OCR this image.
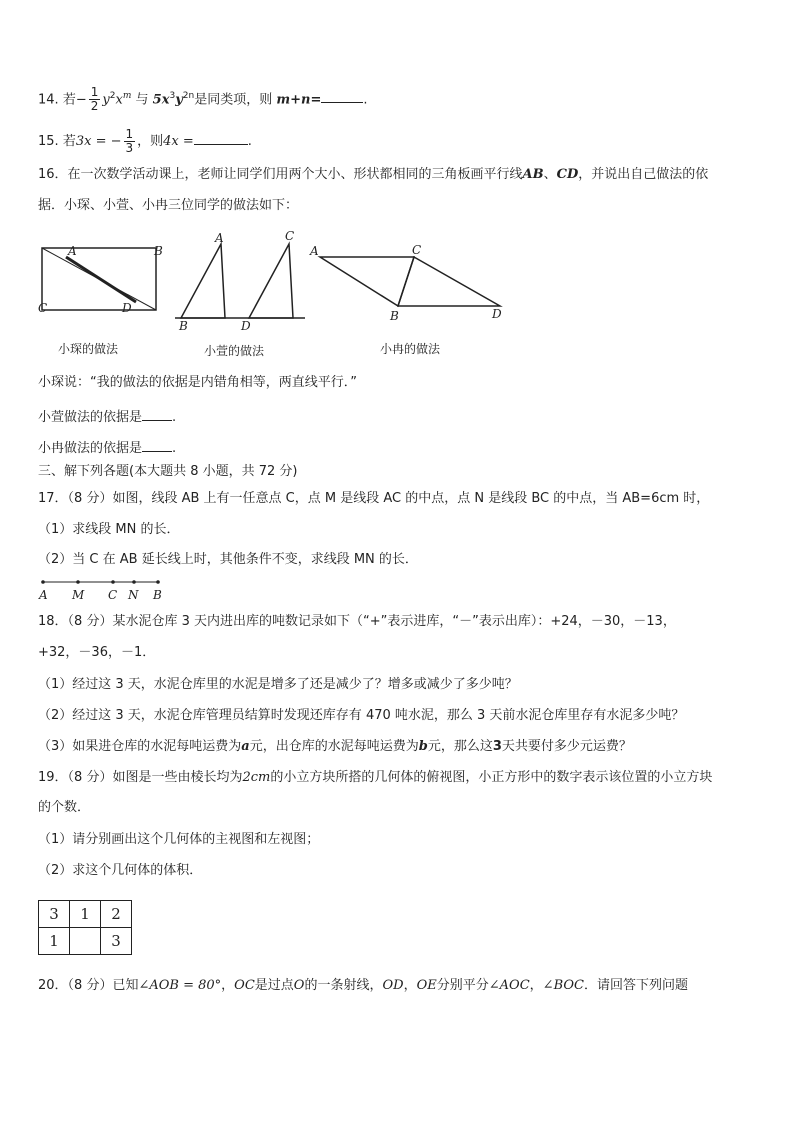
14. 若− $\frac{1}{2} y^2x^m$ 与 $5x^3y^{2n}$是同类项，则 m+n=	.
15. 若3x = − $\frac{1}{3}$ ，则4x =	.
16．在一次数学活动课上，老师让同学们用两个大小、形状都相同的三角板画平行线AB、CD，并说出自己做法的依
据．小琛、小萱、小冉三位同学的做法如下：
A	B
C	D
小琛的做法
A	C
B	D
小萱的做法
A	C
B	D
小冉的做法
小琛说：“我的做法的依据是内错角相等，两直线平行．”
小萱做法的依据是 .
小冉做法的依据是 .
三、解下列各题(本大题共 8 小题，共 72 分)
17．（8 分）如图，线段 AB 上有一任意点 C，点 M 是线段 AC 的中点，点 N 是线段 BC 的中点，当 AB=6cm 时，
（1）求线段 MN 的长．
（2）当 C 在 AB 延长线上时，其他条件不变，求线段 MN 的长．
A M C N B
18．（8 分）某水泥仓库 3 天内进出库的吨数记录如下（“+”表示进库，“－”表示出库）：+24，－30，－13，
+32，－36，－1．
（1）经过这 3 天，水泥仓库里的水泥是增多了还是减少了？增多或减少了多少吨？
（2）经过这 3 天，水泥仓库管理员结算时发现还库存有 470 吨水泥，那么 3 天前水泥仓库里存有水泥多少吨？
（3）如果进仓库的水泥每吨运费为a元，出仓库的水泥每吨运费为b元，那么这3天共要付多少元运费？
19．（8 分）如图是一些由棱长均为2cm的小立方块所搭的几何体的俯视图，小正方形中的数字表示该位置的小立方块
的个数．
（1）请分别画出这个几何体的主视图和左视图；
（2）求这个几何体的体积．
3	1	2
1		3
20．（8 分）已知∠AOB = 80°，OC是过点O的一条射线，OD，OE分别平分∠AOC，∠BOC．请回答下列问题
